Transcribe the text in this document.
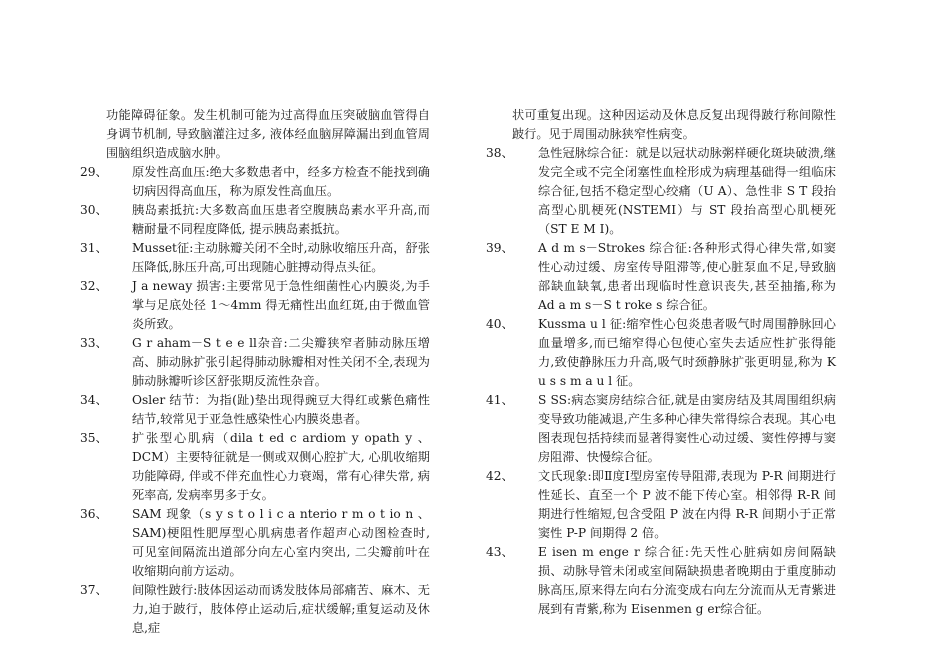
功能障碍征象。发生机制可能为过高得血压突破脑血管得自身调节机制, 导致脑灌注过多, 液体经血脑屏障漏出到血管周围脑组织造成脑水肿。

29、	原发性高血压:绝大多数患者中，经多方检查不能找到确切病因得高血压，称为原发性高血压。
30、	胰岛素抵抗:大多数高血压患者空腹胰岛素水平升高,而糖耐量不同程度降低, 提示胰岛素抵抗。
31、	Musset征:主动脉瓣关闭不全时,动脉收缩压升高，舒张压降低,脉压升高,可出现随心脏搏动得点头征。
32、	J a neway 损害:主要常见于急性细菌性心内膜炎,为手掌与足底处径 1～4mm 得无痛性出血红斑,由于微血管炎所致。
33、	G r aham－S t e e ll杂音:二尖瓣狭窄者肺动脉压增高、肺动脉扩张引起得肺动脉瓣相对性关闭不全,表现为肺动脉瓣听诊区舒张期反流性杂音。
34、	Osler 结节：为指(趾)垫出现得豌豆大得红或紫色痛性结节,较常见于亚急性感染性心内膜炎患者。
35、	扩张型心肌病（dila t ed c ardiom y opath y 、DCM）主要特征就是一侧或双侧心腔扩大, 心肌收缩期功能障碍, 伴或不伴充血性心力衰竭，常有心律失常, 病死率高, 发病率男多于女。
36、	SAM 现象（s y s t o l i c a nterio r m o t io n 、 SAM)梗阻性肥厚型心肌病患者作超声心动图检查时, 可见室间隔流出道部分向左心室内突出, 二尖瓣前叶在收缩期向前方运动。
37、	间隙性跛行:肢体因运动而诱发肢体局部痛苦、麻木、无力,迫于跛行，肢体停止运动后,症状缓解;重复运动及休息,症

状可重复出现。这种因运动及休息反复出现得跛行称间隙性跛行。见于周围动脉狭窄性病变。

38、	急性冠脉综合征：就是以冠状动脉粥样硬化斑块破溃,继发完全或不完全闭塞性血栓形成为病理基础得一组临床综合征,包括不稳定型心绞痛（U A）、急性非 S T 段抬高型心肌梗死(NSTEMI）与 ST 段抬高型心肌梗死（ST E M I)。
39、	A d m s－Strokes 综合征:各种形式得心律失常,如窦性心动过缓、房室传导阻滞等,使心脏泵血不足,导致脑部缺血缺氧,患者出现临时性意识丧失,甚至抽搐,称为 Ad a m s－S t roke s 综合征。
40、	Kussma u l 征:缩窄性心包炎患者吸气时周围静脉回心血量增多,而已缩窄得心包使心室失去适应性扩张得能力,致使静脉压力升高,吸气时颈静脉扩张更明显,称为 K u s s m a u l 征。
41、	S SS:病态窦房结综合征,就是由窦房结及其周围组织病变导致功能减退,产生多种心律失常得综合表现。其心电图表现包括持续而显著得窦性心动过缓、窦性停搏与窦房阻滞、快慢综合征。
42、	文氏现象:即Ⅱ度Ⅰ型房室传导阻滞,表现为 P-R 间期进行性延长、直至一个 P 波不能下传心室。相邻得 R-R 间期进行性缩短,包含受阻 P 波在内得 R-R 间期小于正常窦性 P-P 间期得 2 倍。
43、	E isen m enge r 综合征:先天性心脏病如房间隔缺损、动脉导管未闭或室间隔缺损患者晚期由于重度肺动脉高压,原来得左向右分流变成右向左分流而从无青紫进展到有青紫,称为 Eisenmen g er综合征。
